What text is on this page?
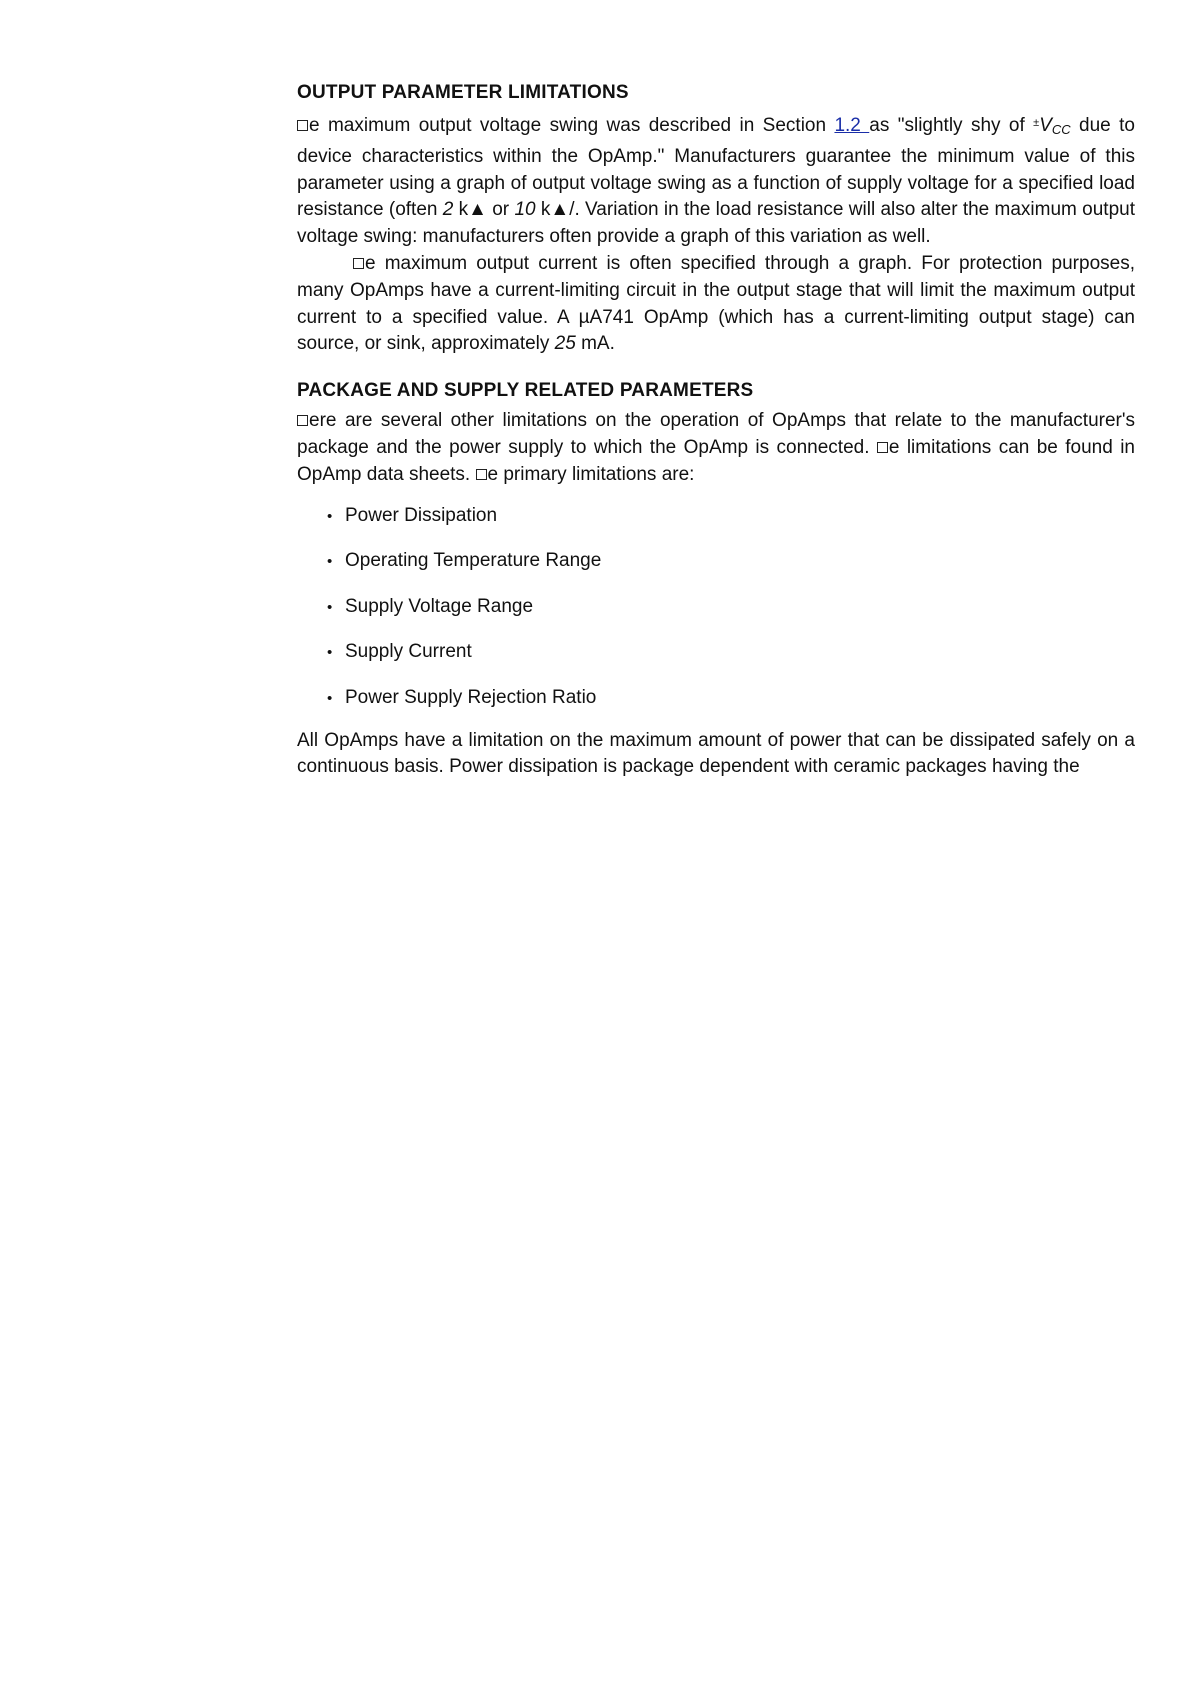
OUTPUT PARAMETER LIMITATIONS

e maximum output voltage swing was described in Section 1.2 as "slightly shy of $^\pm V_{CC}$ due to device characteristics within the OpAmp." Manufacturers guarantee the minimum value of this parameter using a graph of output voltage swing as a function of supply voltage for a specified load resistance (often 2 k▲ or 10 k▲/. Variation in the load resistance will also alter the maximum output voltage swing: manufacturers often provide a graph of this variation as well.

e maximum output current is often specified through a graph. For protection purposes, many OpAmps have a current-limiting circuit in the output stage that will limit the maximum output current to a specified value. A µA741 OpAmp (which has a current-limiting output stage) can source, or sink, approximately 25 mA.

PACKAGE AND SUPPLY RELATED PARAMETERS

ere are several other limitations on the operation of OpAmps that relate to the manufacturer's package and the power supply to which the OpAmp is connected. e limitations can be found in OpAmp data sheets. e primary limitations are:

• Power Dissipation
• Operating Temperature Range
• Supply Voltage Range
• Supply Current
• Power Supply Rejection Ratio

All OpAmps have a limitation on the maximum amount of power that can be dissipated safely on a continuous basis. Power dissipation is package dependent with ceramic packages having the
